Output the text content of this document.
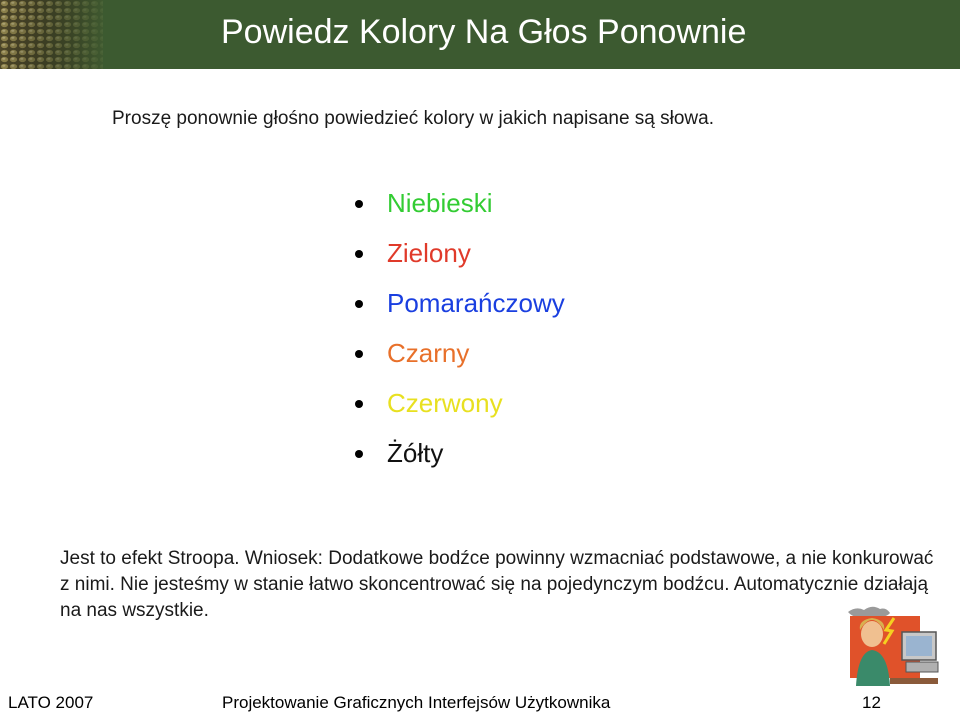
Powiedz Kolory Na Głos Ponownie
Proszę ponownie głośno powiedzieć kolory w jakich napisane są słowa.
Niebieski
Zielony
Pomarańczowy
Czarny
Czerwony
Żółty
Jest to efekt Stroopa. Wniosek: Dodatkowe bodźce powinny wzmacniać podstawowe, a nie konkurować z nimi. Nie jesteśmy w stanie łatwo skoncentrować się na pojedynczym bodźcu. Automatycznie działają na nas wszystkie.
LATO 2007	Projektowanie Graficznych Interfejsów Użytkownika	12
